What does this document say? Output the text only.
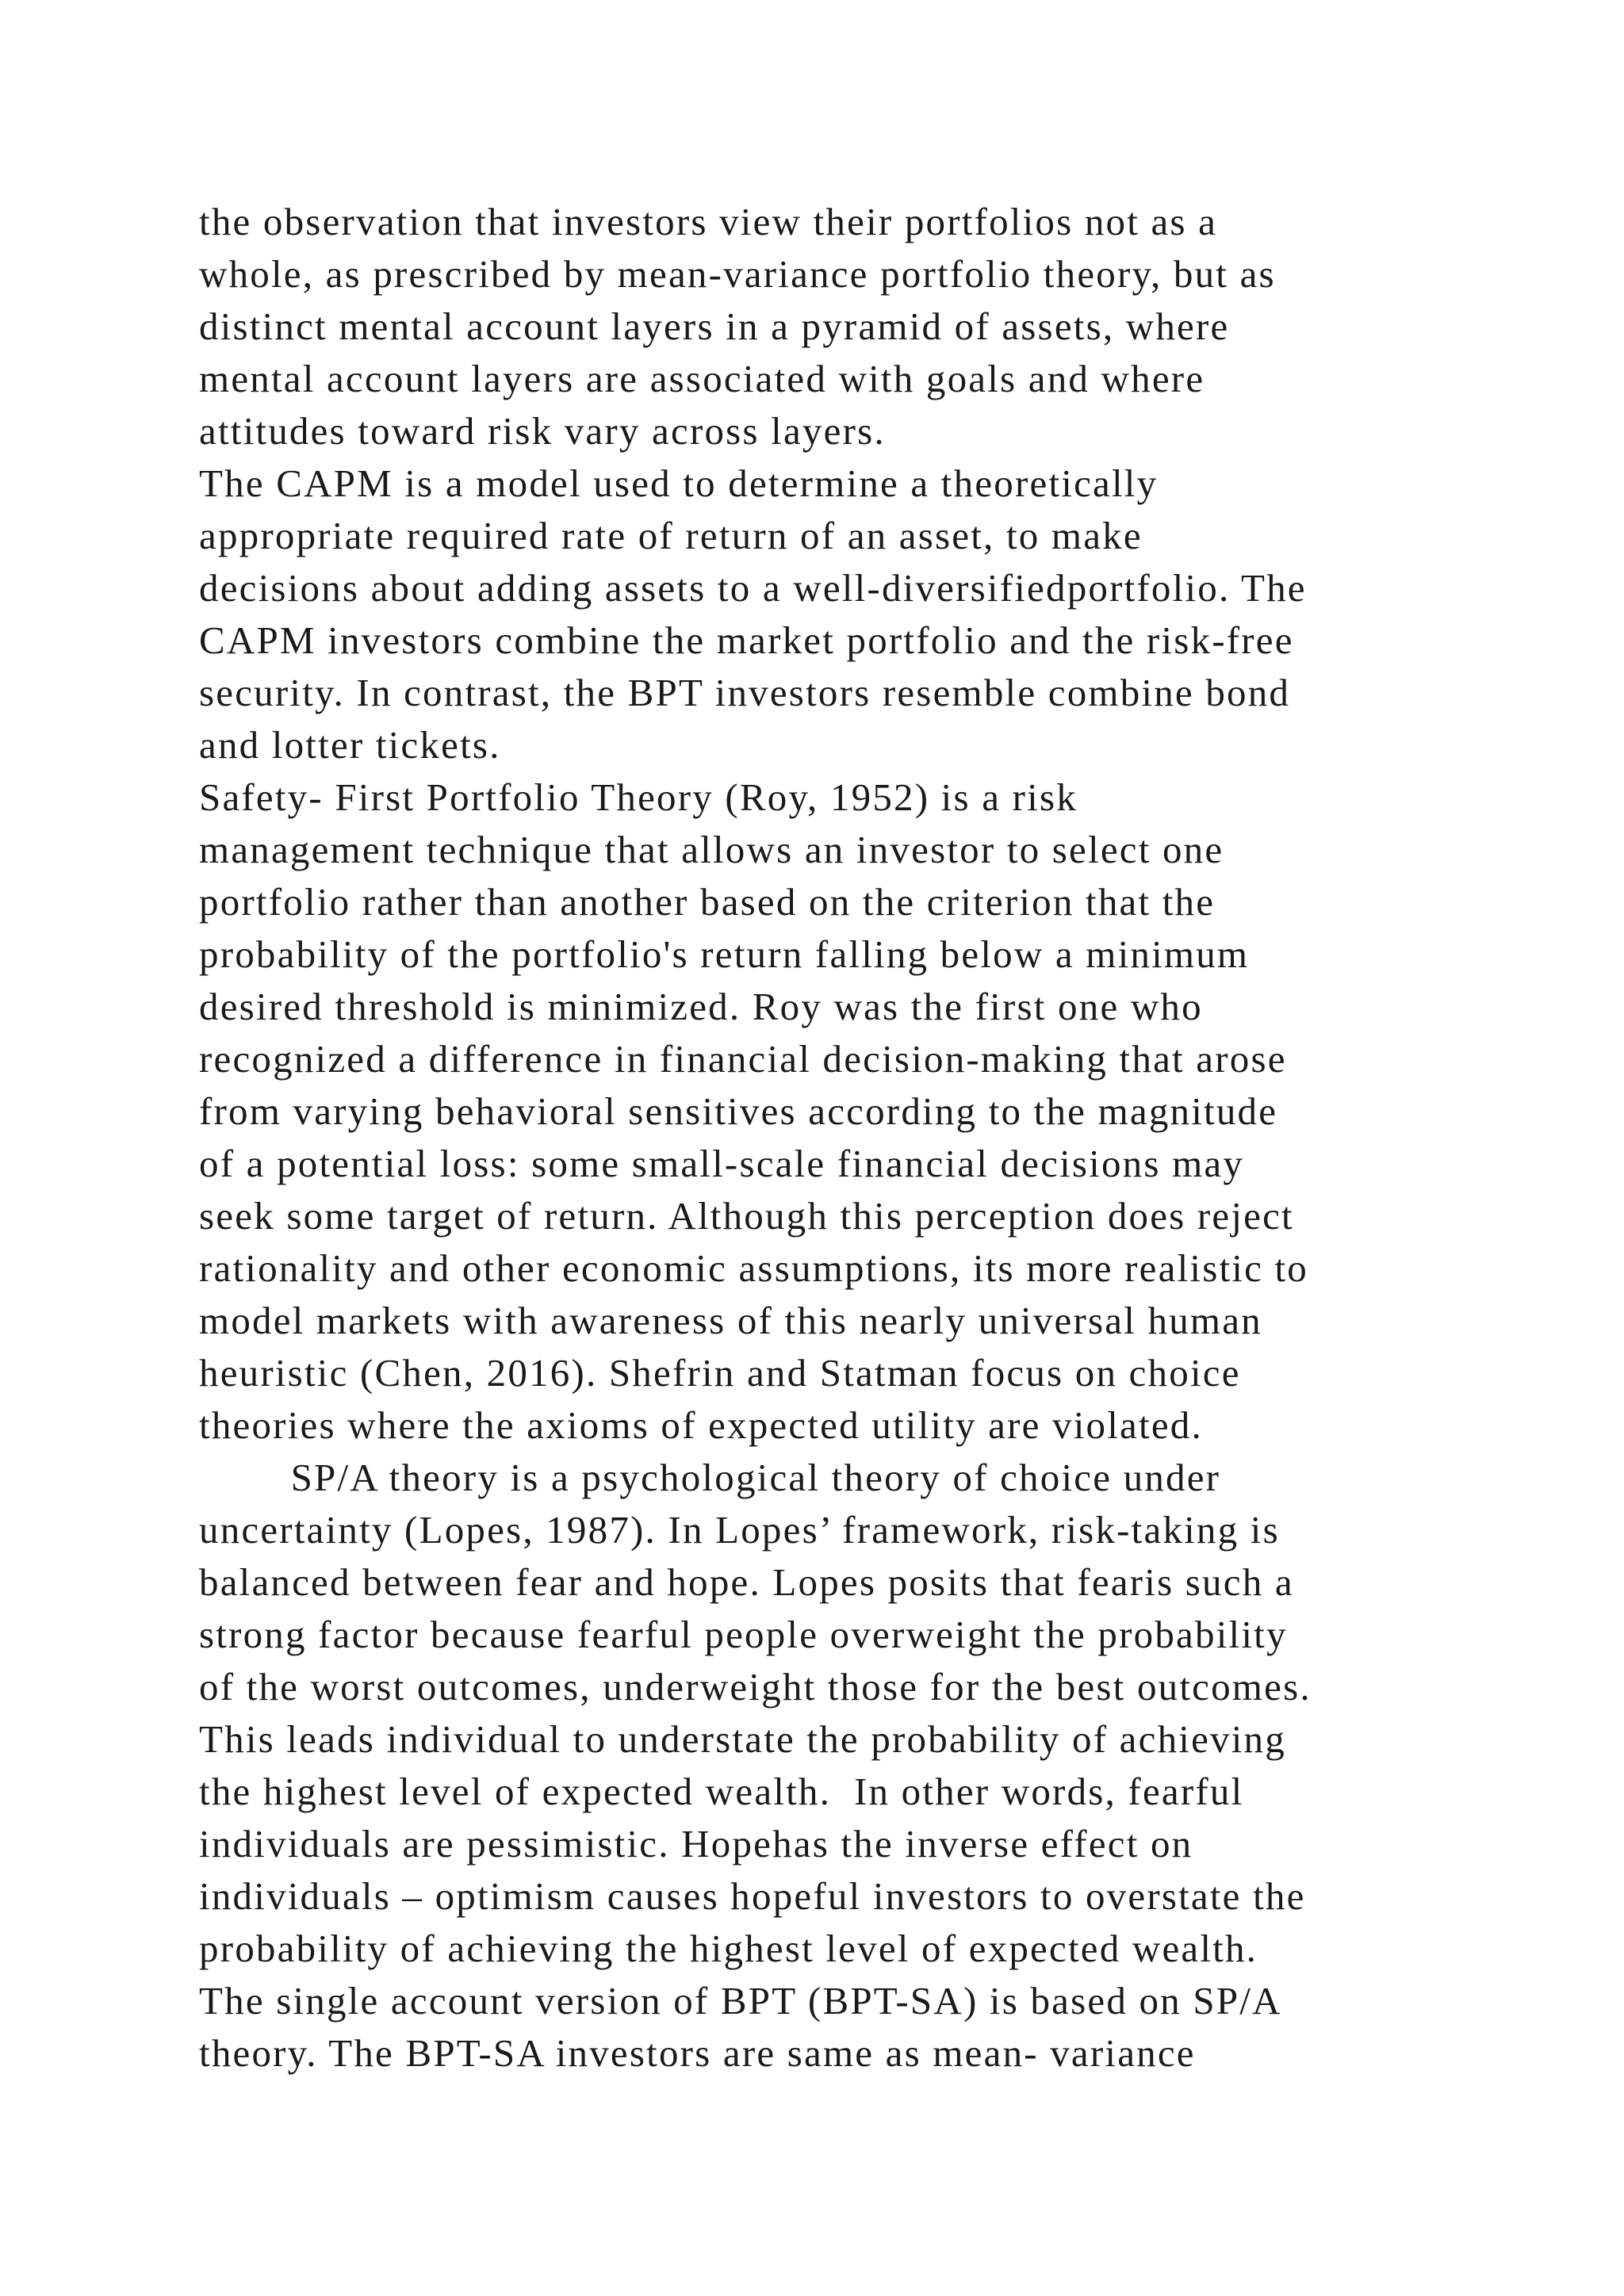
the observation that investors view their portfolios not as a
whole, as prescribed by mean-variance portfolio theory, but as
distinct mental account layers in a pyramid of assets, where
mental account layers are associated with goals and where
attitudes toward risk vary across layers.
The CAPM is a model used to determine a theoretically
appropriate required rate of return of an asset, to make
decisions about adding assets to a well-diversifiedportfolio. The
CAPM investors combine the market portfolio and the risk-free
security. In contrast, the BPT investors resemble combine bond
and lotter tickets.
Safety- First Portfolio Theory (Roy, 1952) is a risk
management technique that allows an investor to select one
portfolio rather than another based on the criterion that the
probability of the portfolio's return falling below a minimum
desired threshold is minimized. Roy was the first one who
recognized a difference in financial decision-making that arose
from varying behavioral sensitives according to the magnitude
of a potential loss: some small-scale financial decisions may
seek some target of return. Although this perception does reject
rationality and other economic assumptions, its more realistic to
model markets with awareness of this nearly universal human
heuristic (Chen, 2016). Shefrin and Statman focus on choice
theories where the axioms of expected utility are violated.
SP/A theory is a psychological theory of choice under
uncertainty (Lopes, 1987). In Lopes’ framework, risk-taking is
balanced between fear and hope. Lopes posits that fearis such a
strong factor because fearful people overweight the probability
of the worst outcomes, underweight those for the best outcomes.
This leads individual to understate the probability of achieving
the highest level of expected wealth.  In other words, fearful
individuals are pessimistic. Hopehas the inverse effect on
individuals – optimism causes hopeful investors to overstate the
probability of achieving the highest level of expected wealth.
The single account version of BPT (BPT-SA) is based on SP/A
theory. The BPT-SA investors are same as mean- variance
